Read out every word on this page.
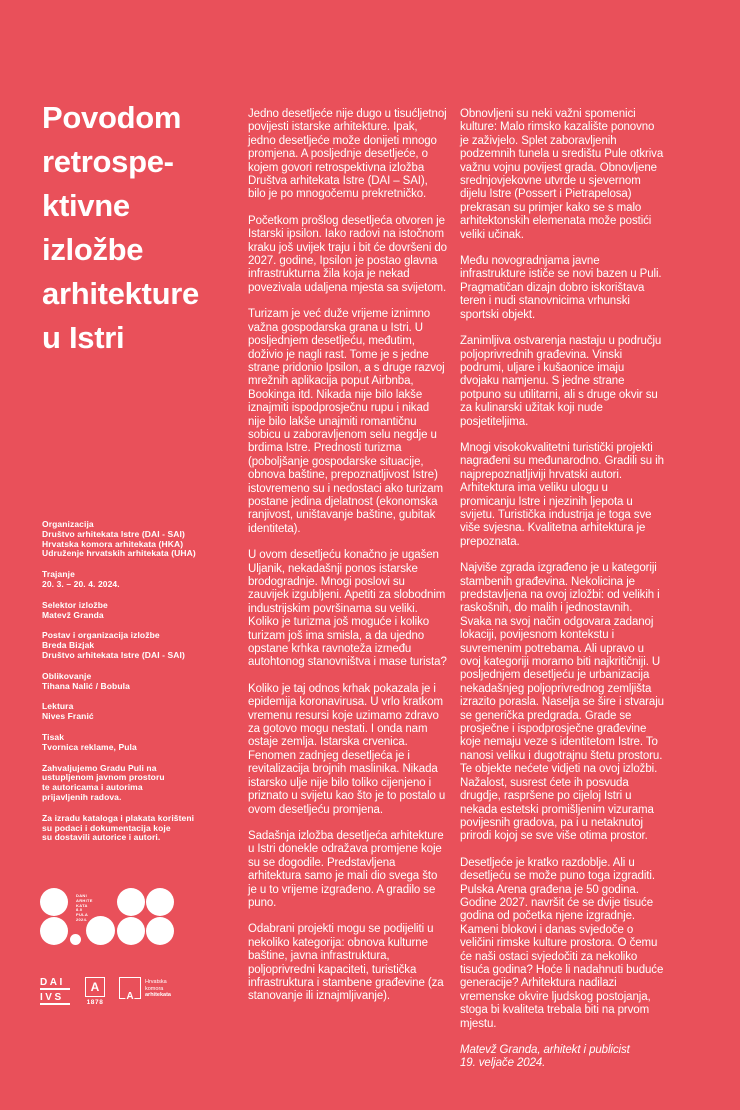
Povodom
retrospe-
ktivne
izložbe
arhitekture
u Istri
Organizacija
Društvo arhitekata Istre (DAI - SAI)
Hrvatska komora arhitekata (HKA)
Udruženje hrvatskih arhitekata (UHA)
Trajanje
20. 3. – 20. 4. 2024.
Selektor izložbe
Matevž Granda
Postav i organizacija izložbe
Breda Bizjak
Društvo arhitekata Istre (DAI - SAI)
Oblikovanje
Tihana Nalić / Bobula
Lektura
Nives Franić
Tisak
Tvornica reklame, Pula
Zahvaljujemo Gradu Puli na
ustupljenom javnom prostoru
te autoricama i autorima
prijavljenih radova.
Za izradu kataloga i plakata korišteni
su podaci i dokumentacija koje
su dostavili autorice i autori.
DANI
ARHITE
KATA
8.0
PULA
2024.
DAI
IVS
A
1878
A
Hrvatska
komora
arhitekata

Jedno desetljeće nije dugo u tisućljetnoj povijesti istarske arhitekture. Ipak, jedno desetljeće može donijeti mnogo promjena. A posljednje desetljeće, o kojem govori retrospektivna izložba Društva arhitekata Istre (DAI – SAI), bilo je po mnogočemu prekretničko.

Početkom prošlog desetljeća otvoren je Istarski ipsilon. Iako radovi na istočnom kraku još uvijek traju i bit će dovršeni do 2027. godine, Ipsilon je postao glavna infrastrukturna žila koja je nekad povezivala udaljena mjesta sa svijetom.

Turizam je već duže vrijeme iznimno važna gospodarska grana u Istri. U posljednjem desetljeću, međutim, doživio je nagli rast. Tome je s jedne strane pridonio Ipsilon, a s druge razvoj mrežnih aplikacija poput Airbnba, Bookinga itd. Nikada nije bilo lakše iznajmiti ispodprosječnu rupu i nikad nije bilo lakše unajmiti romantičnu sobicu u zaboravljenom selu negdje u brdima Istre. Prednosti turizma (poboljšanje gospodarske situacije, obnova baštine, prepoznatljivost Istre) istovremeno su i nedostaci ako turizam postane jedina djelatnost (ekonomska ranjivost, uništavanje baštine, gubitak identiteta).

U ovom desetljeću konačno je ugašen Uljanik, nekadašnji ponos istarske brodogradnje. Mnogi poslovi su zauvijek izgubljeni. Apetiti za slobodnim industrijskim površinama su veliki. Koliko je turizma još moguće i koliko turizam još ima smisla, a da ujedno opstane krhka ravnoteža između autohtonog stanovništva i mase turista?

Koliko je taj odnos krhak pokazala je i epidemija koronavirusa. U vrlo kratkom vremenu resursi koje uzimamo zdravo za gotovo mogu nestati. I onda nam ostaje zemlja. Istarska crvenica. Fenomen zadnjeg desetljeća je i revitalizacija brojnih maslinika. Nikada istarsko ulje nije bilo toliko cijenjeno i priznato u svijetu kao što je to postalo u ovom desetljeću promjena.

Sadašnja izložba desetljeća arhitekture u Istri donekle odražava promjene koje su se dogodile. Predstavljena arhitektura samo je mali dio svega što je u to vrijeme izgrađeno. A gradilo se puno.

Odabrani projekti mogu se podijeliti u nekoliko kategorija: obnova kulturne baštine, javna infrastruktura, poljoprivredni kapaciteti, turistička infrastruktura i stambene građevine (za stanovanje ili iznajmljivanje).

Obnovljeni su neki važni spomenici kulture: Malo rimsko kazalište ponovno je zaživjelo. Splet zaboravljenih podzemnih tunela u središtu Pule otkriva važnu vojnu povijest grada. Obnovljene srednjovjekovne utvrde u sjevernom dijelu Istre (Possert i Pietrapelosa) prekrasan su primjer kako se s malo arhitektonskih elemenata može postići veliki učinak.

Među novogradnjama javne infrastrukture ističe se novi bazen u Puli. Pragmatičan dizajn dobro iskorištava teren i nudi stanovnicima vrhunski sportski objekt.

Zanimljiva ostvarenja nastaju u području poljoprivrednih građevina. Vinski podrumi, uljare i kušaonice imaju dvojaku namjenu. S jedne strane potpuno su utilitarni, ali s druge okvir su za kulinarski užitak koji nude posjetiteljima.

Mnogi visokokvalitetni turistički projekti nagrađeni su međunarodno. Gradili su ih najprepoznatljiviji hrvatski autori. Arhitektura ima veliku ulogu u promicanju Istre i njezinih ljepota u svijetu. Turistička industrija je toga sve više svjesna. Kvalitetna arhitektura je prepoznata.

Najviše zgrada izgrađeno je u kategoriji stambenih građevina. Nekolicina je predstavljena na ovoj izložbi: od velikih i raskošnih, do malih i jednostavnih. Svaka na svoj način odgovara zadanoj lokaciji, povijesnom kontekstu i suvremenim potrebama. Ali upravo u ovoj kategoriji moramo biti najkritičniji. U posljednjem desetljeću je urbanizacija nekadašnjeg poljoprivrednog zemljišta izrazito porasla. Naselja se šire i stvaraju se generička predgrada. Grade se prosječne i ispodprosječne građevine koje nemaju veze s identitetom Istre. To nanosi veliku i dugotrajnu štetu prostoru. Te objekte nećete vidjeti na ovoj izložbi. Nažalost, susrest ćete ih posvuda drugdje, raspršene po cijeloj Istri u nekada estetski promišljenim vizurama povijesnih gradova, pa i u netaknutoj prirodi kojoj se sve više otima prostor.

Desetljeće je kratko razdoblje. Ali u desetljeću se može puno toga izgraditi. Pulska Arena građena je 50 godina. Godine 2027. navršit će se dvije tisuće godina od početka njene izgradnje. Kameni blokovi i danas svjedoče o veličini rimske kulture prostora. O čemu će naši ostaci svjedočiti za nekoliko tisuća godina? Hoće li nadahnuti buduće generacije? Arhitektura nadilazi vremenske okvire ljudskog postojanja, stoga bi kvaliteta trebala biti na prvom mjestu.

Matevž Granda, arhitekt i publicist
19. veljače 2024.
